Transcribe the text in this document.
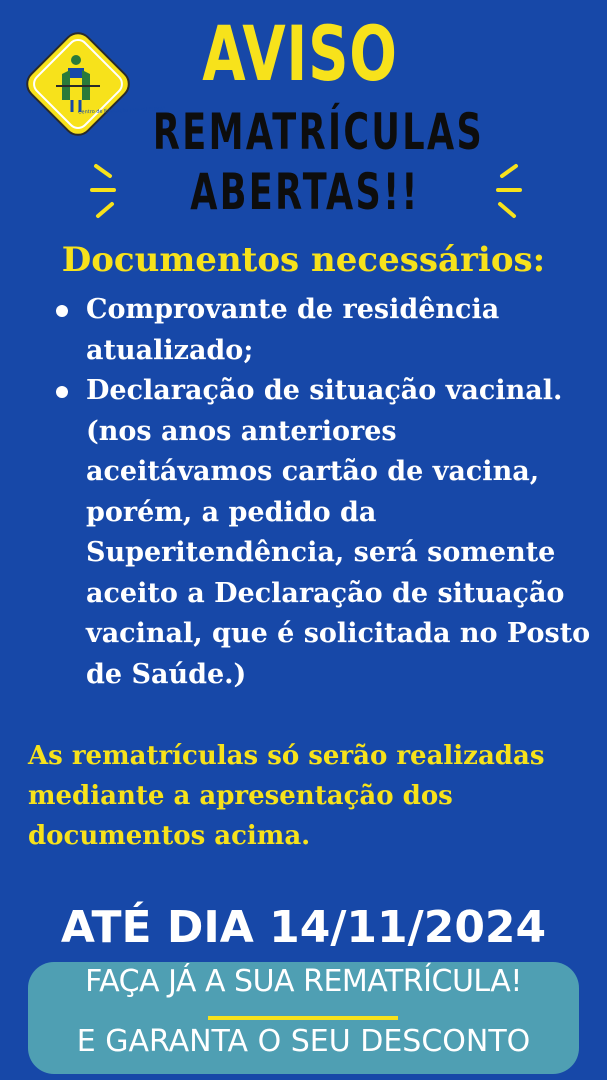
Centro de Educação Infantil "LIMA"
AVISO
REMATRÍCULAS
ABERTAS!!
Documentos necessários:
Comprovante de residência atualizado;
Declaração de situação vacinal. (nos anos anteriores aceitávamos cartão de vacina, porém, a pedido da Superitendência, será somente aceito a Declaração de situação vacinal, que é solicitada no Posto de Saúde.)
As rematrículas só serão realizadas mediante a apresentação dos documentos acima.
ATÉ DIA 14/11/2024
FAÇA JÁ A SUA REMATRÍCULA!
E GARANTA O SEU DESCONTO
